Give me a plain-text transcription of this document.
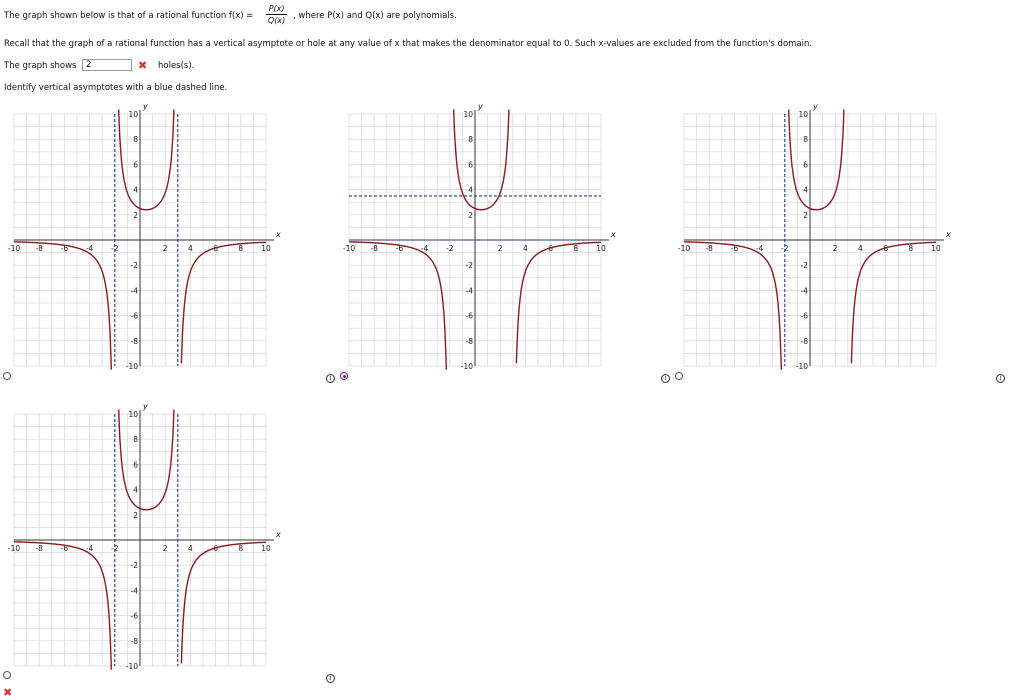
The graph shown below is that of a rational function f(x) =
P(x)
Q(x) , where P(x) and Q(x) are polynomials.
Recall that the graph of a rational function has a vertical asymptote or hole at any value of x that makes the denominator equal to 0. Such x-values are excluded from the function's domain.
The graph shows
2	✖ holes(s).
Identify vertical asymptotes with a blue dashed line.
x
y
-10 -8 -6 -4 -2	2	4	6	8 10
10
8
6
4
2
-2
-4
-6
-8
-10
x
y
-10 -8 -6 -4 -2	2	4	6	8 10
10
8
6
4
2
-2
-4
-6
-8
-10
x
y
-10 -8 -6 -4 -2	2	4	6	8 10
10
8
6
4
2
-2
-4
-6
-8
-10
x
y
-10 -8 -6 -4 -2	2	4	6	8 10
10
8
6
4
2
-2
-4
-6
-8
-10
i	i	i
i
✖
